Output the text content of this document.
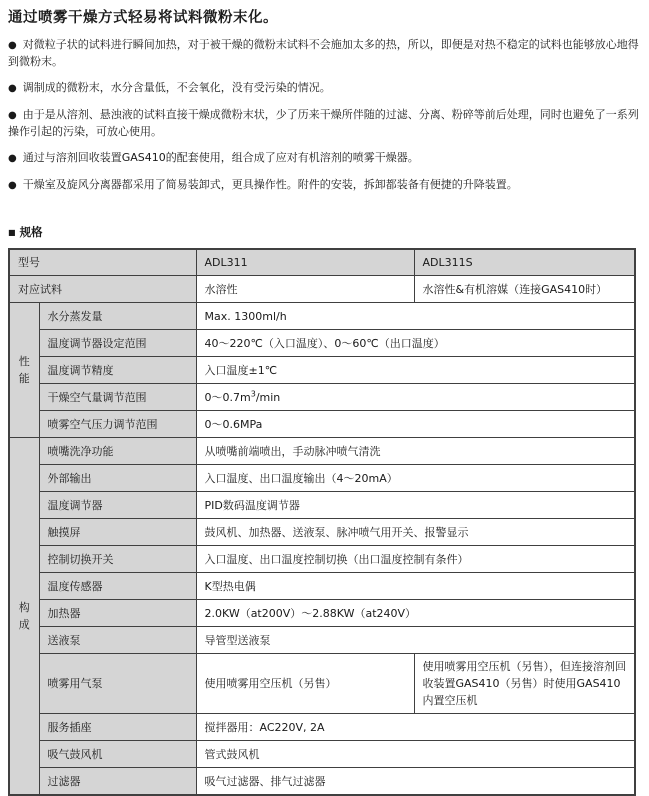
通过喷雾干燥方式轻易将试料微粉末化。

● 对微粒子状的试料进行瞬间加热，对于被干燥的微粉末试料不会施加太多的热，所以，即便是对热不稳定的试料也能够放心地得到微粉末。

● 调制成的微粉末，水分含量低，不会氧化，没有受污染的情况。

● 由于是从溶剂、悬浊液的试料直接干燥成微粉末状，少了历来干燥所伴随的过滤、分离、粉碎等前后处理，同时也避免了一系列操作引起的污染，可放心使用。

● 通过与溶剂回收装置GAS410的配套使用，组合成了应对有机溶剂的喷雾干燥器。

● 干燥室及旋风分离器都采用了简易装卸式，更具操作性。附件的安装，拆卸都装备有便捷的升降装置。

■ 规格
型号		ADL311	ADL311S
对应试料		水溶性	水溶性&有机溶媒（连接GAS410时）
性能	水分蒸发量	Max. 1300ml/h	
	温度调节器设定范围	40～220℃（入口温度）、0～60℃（出口温度）	
	温度调节精度	入口温度±1℃	
	干燥空气量调节范围	$0\sim 0.7m^3/\min$	
	喷雾空气压力调节范围	0～0.6MPa	
构成	喷嘴洗净功能	从喷嘴前端喷出，手动脉冲喷气清洗	
	外部输出	入口温度、出口温度输出（4～20mA）	
	温度调节器	PID数码温度调节器	
	触摸屏	鼓风机、加热器、送液泵、脉冲喷气用开关、报警显示	
	控制切换开关	入口温度、出口温度控制切换（出口温度控制有条件）	
	温度传感器	K型热电偶	
	加热器	2.0KW（at200V）～2.88KW（at240V）	
	送液泵	导管型送液泵	
	喷雾用气泵	使用喷雾用空压机（另售）	使用喷雾用空压机（另售），但连接溶剂回收装置GAS410（另售）时使用GAS410内置空压机
	服务插座	搅拌器用：AC220V, 2A	
	吸气鼓风机	管式鼓风机	
	过滤器	吸气过滤器、排气过滤器	
